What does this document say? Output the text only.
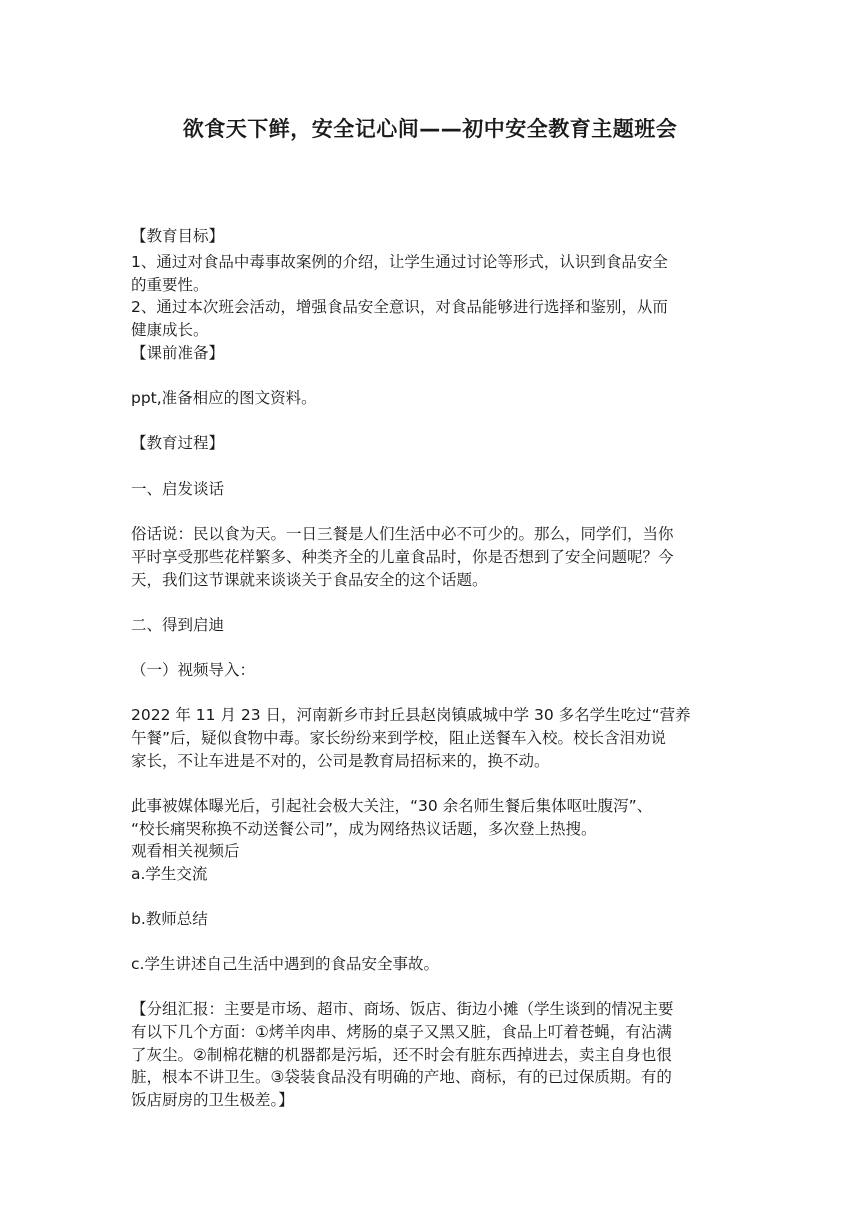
欲食天下鲜，安全记心间——初中安全教育主题班会
【教育目标】
1、通过对食品中毒事故案例的介绍，让学生通过讨论等形式，认识到食品安全
的重要性。
2、通过本次班会活动，增强食品安全意识，对食品能够进行选择和鉴别，从而
健康成长。
【课前准备】
ppt,准备相应的图文资料。
【教育过程】
一、启发谈话
俗话说：民以食为天。一日三餐是人们生活中必不可少的。那么，同学们，当你
平时享受那些花样繁多、种类齐全的儿童食品时，你是否想到了安全问题呢？今
天，我们这节课就来谈谈关于食品安全的这个话题。
二、得到启迪
（一）视频导入：
2022 年 11 月 23 日，河南新乡市封丘县赵岗镇戚城中学 30 多名学生吃过“营养
午餐”后，疑似食物中毒。家长纷纷来到学校，阻止送餐车入校。校长含泪劝说
家长，不让车进是不对的，公司是教育局招标来的，换不动。
此事被媒体曝光后，引起社会极大关注，“30 余名师生餐后集体呕吐腹泻”、
“校长痛哭称换不动送餐公司”，成为网络热议话题，多次登上热搜。
观看相关视频后
a.学生交流
b.教师总结
c.学生讲述自己生活中遇到的食品安全事故。
【分组汇报：主要是市场、超市、商场、饭店、街边小摊（学生谈到的情况主要
有以下几个方面：①烤羊肉串、烤肠的桌子又黑又脏，食品上叮着苍蝇，有沾满
了灰尘。②制棉花糖的机器都是污垢，还不时会有脏东西掉进去，卖主自身也很
脏，根本不讲卫生。③袋装食品没有明确的产地、商标，有的已过保质期。有的
饭店厨房的卫生极差。】
